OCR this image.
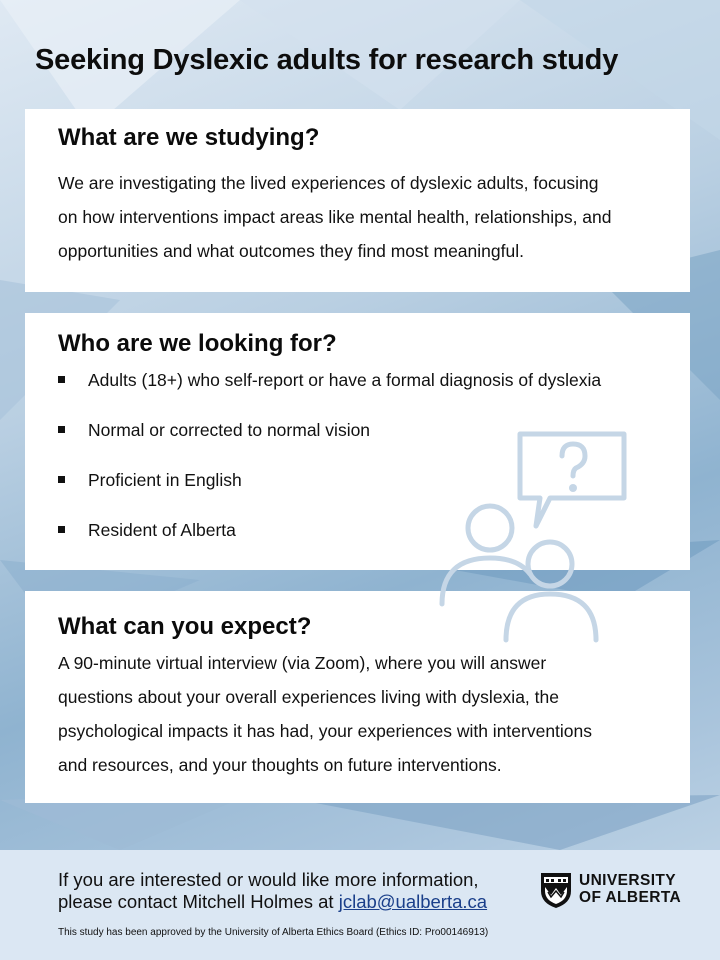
Seeking Dyslexic adults for research study
What are we studying?

We are investigating the lived experiences of dyslexic adults, focusing
on how interventions impact areas like mental health, relationships, and
opportunities and what outcomes they find most meaningful.

Who are we looking for?
Adults (18+) who self-report or have a formal diagnosis of dyslexia
Normal or corrected to normal vision
Proficient in English
Resident of Alberta
What can you expect?

A 90-minute virtual interview (via Zoom), where you will answer
questions about your overall experiences living with dyslexia, the
psychological impacts it has had, your experiences with interventions
and resources, and your thoughts on future interventions.

If you are interested or would like more information,
please contact Mitchell Holmes at jclab@ualberta.ca

This study has been approved by the University of Alberta Ethics Board (Ethics ID: Pro00146913)

UNIVERSITY
OF ALBERTA
